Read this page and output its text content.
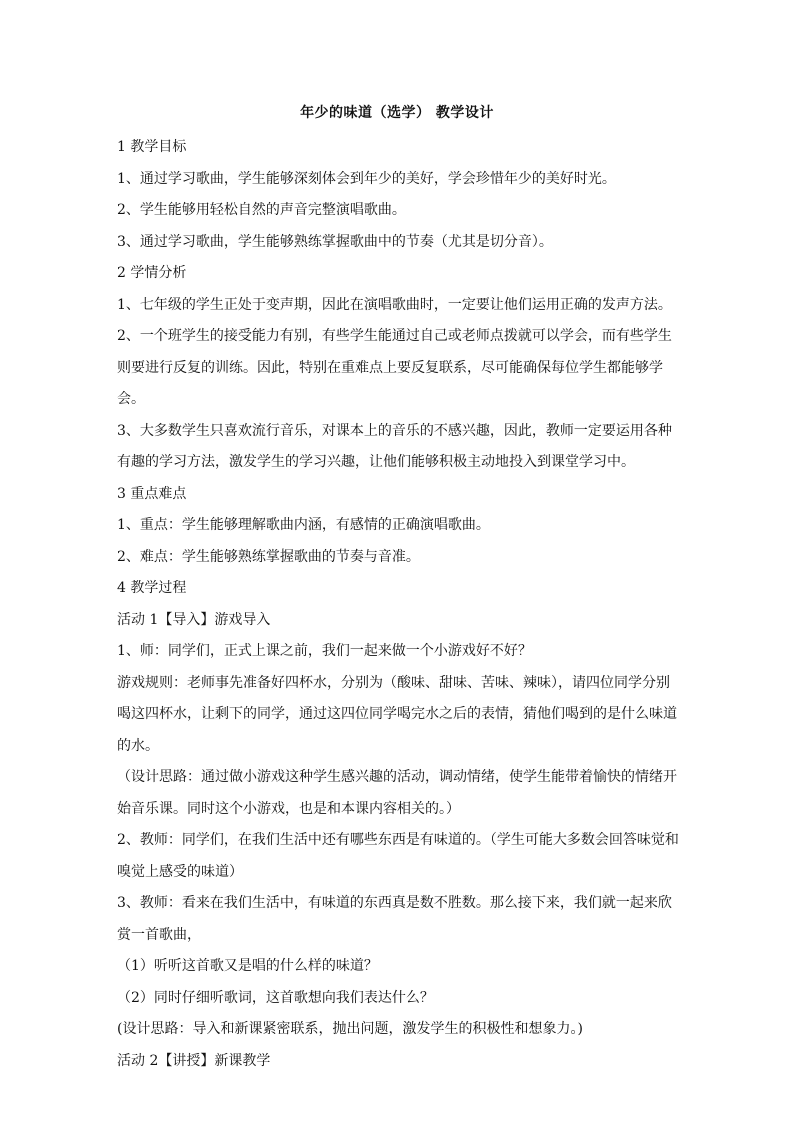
年少的味道（选学） 教学设计

1 教学目标

1、通过学习歌曲，学生能够深刻体会到年少的美好，学会珍惜年少的美好时光。

2、学生能够用轻松自然的声音完整演唱歌曲。

3、通过学习歌曲，学生能够熟练掌握歌曲中的节奏（尤其是切分音）。

2 学情分析

1、七年级的学生正处于变声期，因此在演唱歌曲时，一定要让他们运用正确的发声方法。

2、一个班学生的接受能力有别，有些学生能通过自己或老师点拨就可以学会，而有些学生则要进行反复的训练。因此，特别在重难点上要反复联系，尽可能确保每位学生都能够学会。

3、大多数学生只喜欢流行音乐，对课本上的音乐的不感兴趣，因此，教师一定要运用各种有趣的学习方法，激发学生的学习兴趣，让他们能够积极主动地投入到课堂学习中。

3 重点难点

1、重点：学生能够理解歌曲内涵，有感情的正确演唱歌曲。

2、难点：学生能够熟练掌握歌曲的节奏与音准。

4 教学过程

活动 1【导入】游戏导入

1、师：同学们，正式上课之前，我们一起来做一个小游戏好不好？

游戏规则：老师事先准备好四杯水，分别为（酸味、甜味、苦味、辣味），请四位同学分别喝这四杯水，让剩下的同学，通过这四位同学喝完水之后的表情，猜他们喝到的是什么味道的水。

（设计思路：通过做小游戏这种学生感兴趣的活动，调动情绪，使学生能带着愉快的情绪开始音乐课。同时这个小游戏，也是和本课内容相关的。）

2、教师：同学们，在我们生活中还有哪些东西是有味道的。（学生可能大多数会回答味觉和嗅觉上感受的味道）

3、教师：看来在我们生活中，有味道的东西真是数不胜数。那么接下来，我们就一起来欣赏一首歌曲，

（1）听听这首歌又是唱的什么样的味道？

（2）同时仔细听歌词，这首歌想向我们表达什么？

(设计思路：导入和新课紧密联系，抛出问题，激发学生的积极性和想象力。)

活动 2【讲授】新课教学
